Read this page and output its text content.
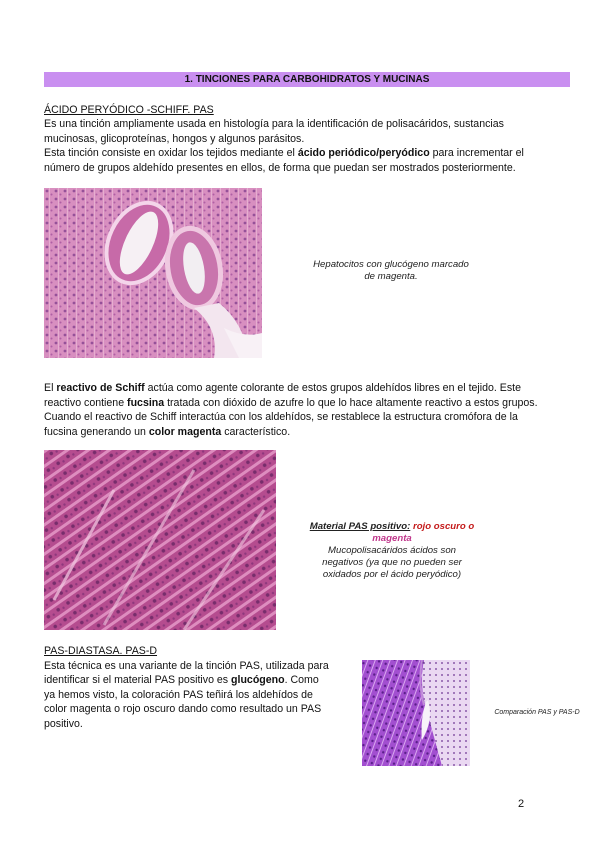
1. TINCIONES PARA CARBOHIDRATOS Y MUCINAS
ÁCIDO PERYÓDICO -SCHIFF. PAS
Es una tinción ampliamente usada en histología para la identificación de polisacáridos, sustancias
mucinosas, glicoproteínas, hongos y algunos parásitos.
Esta tinción consiste en oxidar los tejidos mediante el ácido periódico/peryódico para incrementar el
número de grupos aldehído presentes en ellos, de forma que puedan ser mostrados posteriormente.
Hepatocitos con glucógeno marcado
de magenta.
El reactivo de Schiff actúa como agente colorante de estos grupos aldehídos libres en el tejido. Este
reactivo contiene fucsina tratada con dióxido de azufre lo que lo hace altamente reactivo a estos grupos.
Cuando el reactivo de Schiff interactúa con los aldehídos, se restablece la estructura cromófora de la
fucsina generando un color magenta característico.
Material PAS positivo: rojo oscuro o
magenta
Mucopolisacáridos ácidos son
negativos (ya que no pueden ser
oxidados por el ácido peryódico)
PAS-DIASTASA. PAS-D
Esta técnica es una variante de la tinción PAS, utilizada para
identificar si el material PAS positivo es glucógeno. Como
ya hemos visto, la coloración PAS teñirá los aldehídos de
color magenta o rojo oscuro dando como resultado un PAS
positivo.
Comparación PAS y PAS-D
2
